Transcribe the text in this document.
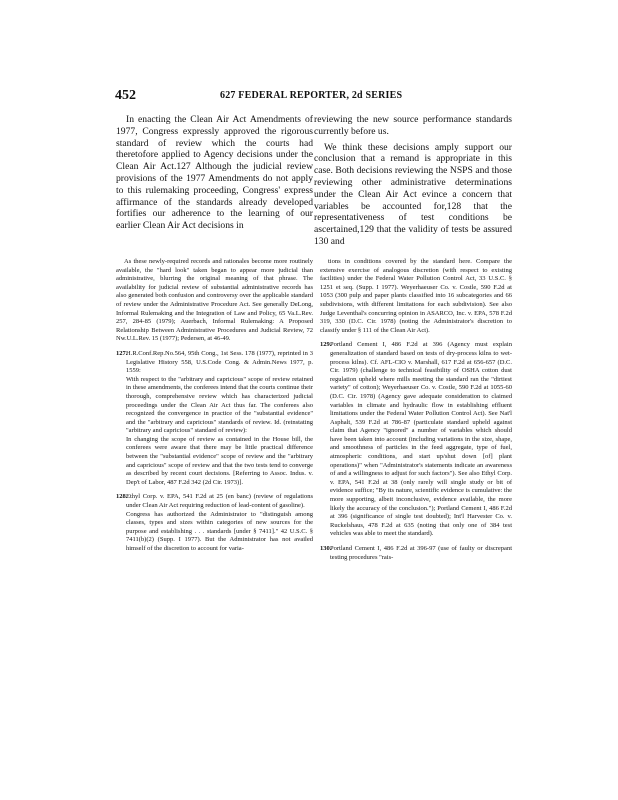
452	627 FEDERAL REPORTER, 2d SERIES

In enacting the Clean Air Act Amendments of 1977, Congress expressly approved the rigorous standard of review which the courts had theretofore applied to Agency decisions under the Clean Air Act.127 Although the judicial review provisions of the 1977 Amendments do not apply to this rulemaking proceeding, Congress' express affirmance of the standards already developed fortifies our adherence to the learning of our earlier Clean Air Act decisions in

reviewing the new source performance standards currently before us.

We think these decisions amply support our conclusion that a remand is appropriate in this case. Both decisions reviewing the NSPS and those reviewing other administrative determinations under the Clean Air Act evince a concern that variables be accounted for,128 that the representativeness of test conditions be ascertained,129 that the validity of tests be assured 130 and

As these newly-required records and rationales become more routinely available, the "hard look" taken began to appear more judicial than administrative, blurring the original meaning of that phrase. The availability for judicial review of substantial administrative records has also generated both confusion and controversy over the applicable standard of review under the Administrative Procedure Act. See generally DeLong, Informal Rulemaking and the Integration of Law and Policy, 65 Va.L.Rev. 257, 284-85 (1979); Auerbach, Informal Rulemaking: A Proposed Relationship Between Administrative Procedures and Judicial Review, 72 Nw.U.L.Rev. 15 (1977); Pedersen, at 46-49.

127.H.R.Conf.Rep.No.564, 95th Cong., 1st Sess. 178 (1977), reprinted in 3 Legislative History 558, U.S.Code Cong. & Admin.News 1977, p. 1559:

With respect to the "arbitrary and capricious" scope of review retained in these amendments, the conferees intend that the courts continue their thorough, comprehensive review which has characterized judicial proceedings under the Clean Air Act thus far. The conferees also recognized the convergence in practice of the "substantial evidence" and the "arbitrary and capricious" standards of review. Id. (reinstating "arbitrary and capricious" standard of review):

In changing the scope of review as contained in the House bill, the conferees were aware that there may be little practical difference between the "substantial evidence" scope of review and the "arbitrary and capricious" scope of review and that the two tests tend to converge as described by recent court decisions. [Referring to Assoc. Indus. v. Dep't of Labor, 487 F.2d 342 (2d Cir. 1973)].

128.Ethyl Corp. v. EPA, 541 F.2d at 25 (en banc) (review of regulations under Clean Air Act requiring reduction of lead-content of gasoline).

Congress has authorized the Administrator to "distinguish among classes, types and sizes within categories of new sources for the purpose and establishing . . . standards [under § 7411]." 42 U.S.C. § 7411(b)(2) (Supp. I 1977). But the Administrator has not availed himself of the discretion to account for varia-

tions in conditions covered by the standard here. Compare the extensive exercise of analogous discretion (with respect to existing facilities) under the Federal Water Pollution Control Act, 33 U.S.C. § 1251 et seq. (Supp. I 1977). Weyerhaeuser Co. v. Costle, 590 F.2d at 1053 (300 pulp and paper plants classified into 16 subcategories and 66 subdivisions, with different limitations for each subdivision). See also Judge Leventhal's concurring opinion in ASARCO, Inc. v. EPA, 578 F.2d 319, 330 (D.C. Cir. 1978) (noting the Administrator's discretion to classify under § 111 of the Clean Air Act).

129.Portland Cement I, 486 F.2d at 396 (Agency must explain generalization of standard based on tests of dry-process kilns to wet-process kilns). Cf. AFL-CIO v. Marshall, 617 F.2d at 656-657 (D.C. Cir. 1979) (challenge to technical feasibility of OSHA cotton dust regulation upheld where mills meeting the standard ran the "dirtiest variety" of cotton); Weyerhaeuser Co. v. Costle, 590 F.2d at 1055-60 (D.C. Cir. 1978) (Agency gave adequate consideration to claimed variables in climate and hydraulic flow in establishing effluent limitations under the Federal Water Pollution Control Act). See Nat'l Asphalt, 539 F.2d at 786-87 (particulate standard upheld against claim that Agency "ignored" a number of variables which should have been taken into account (including variations in the size, shape, and smoothness of particles in the feed aggregate, type of fuel, atmospheric conditions, and start up/shut down [of] plant operations)" when "Administrator's statements indicate an awareness of and a willingness to adjust for such factors"). See also Ethyl Corp. v. EPA, 541 F.2d at 38 (only rarely will single study or bit of evidence suffice; "By its nature, scientific evidence is cumulative: the more supporting, albeit inconclusive, evidence available, the more likely the accuracy of the conclusion."); Portland Cement I, 486 F.2d at 396 (significance of single test doubted); Int'l Harvester Co. v. Ruckelshaus, 478 F.2d at 635 (noting that only one of 384 test vehicles was able to meet the standard).

130.Portland Cement I, 486 F.2d at 396-97 (use of faulty or discrepant testing procedures "rais-
